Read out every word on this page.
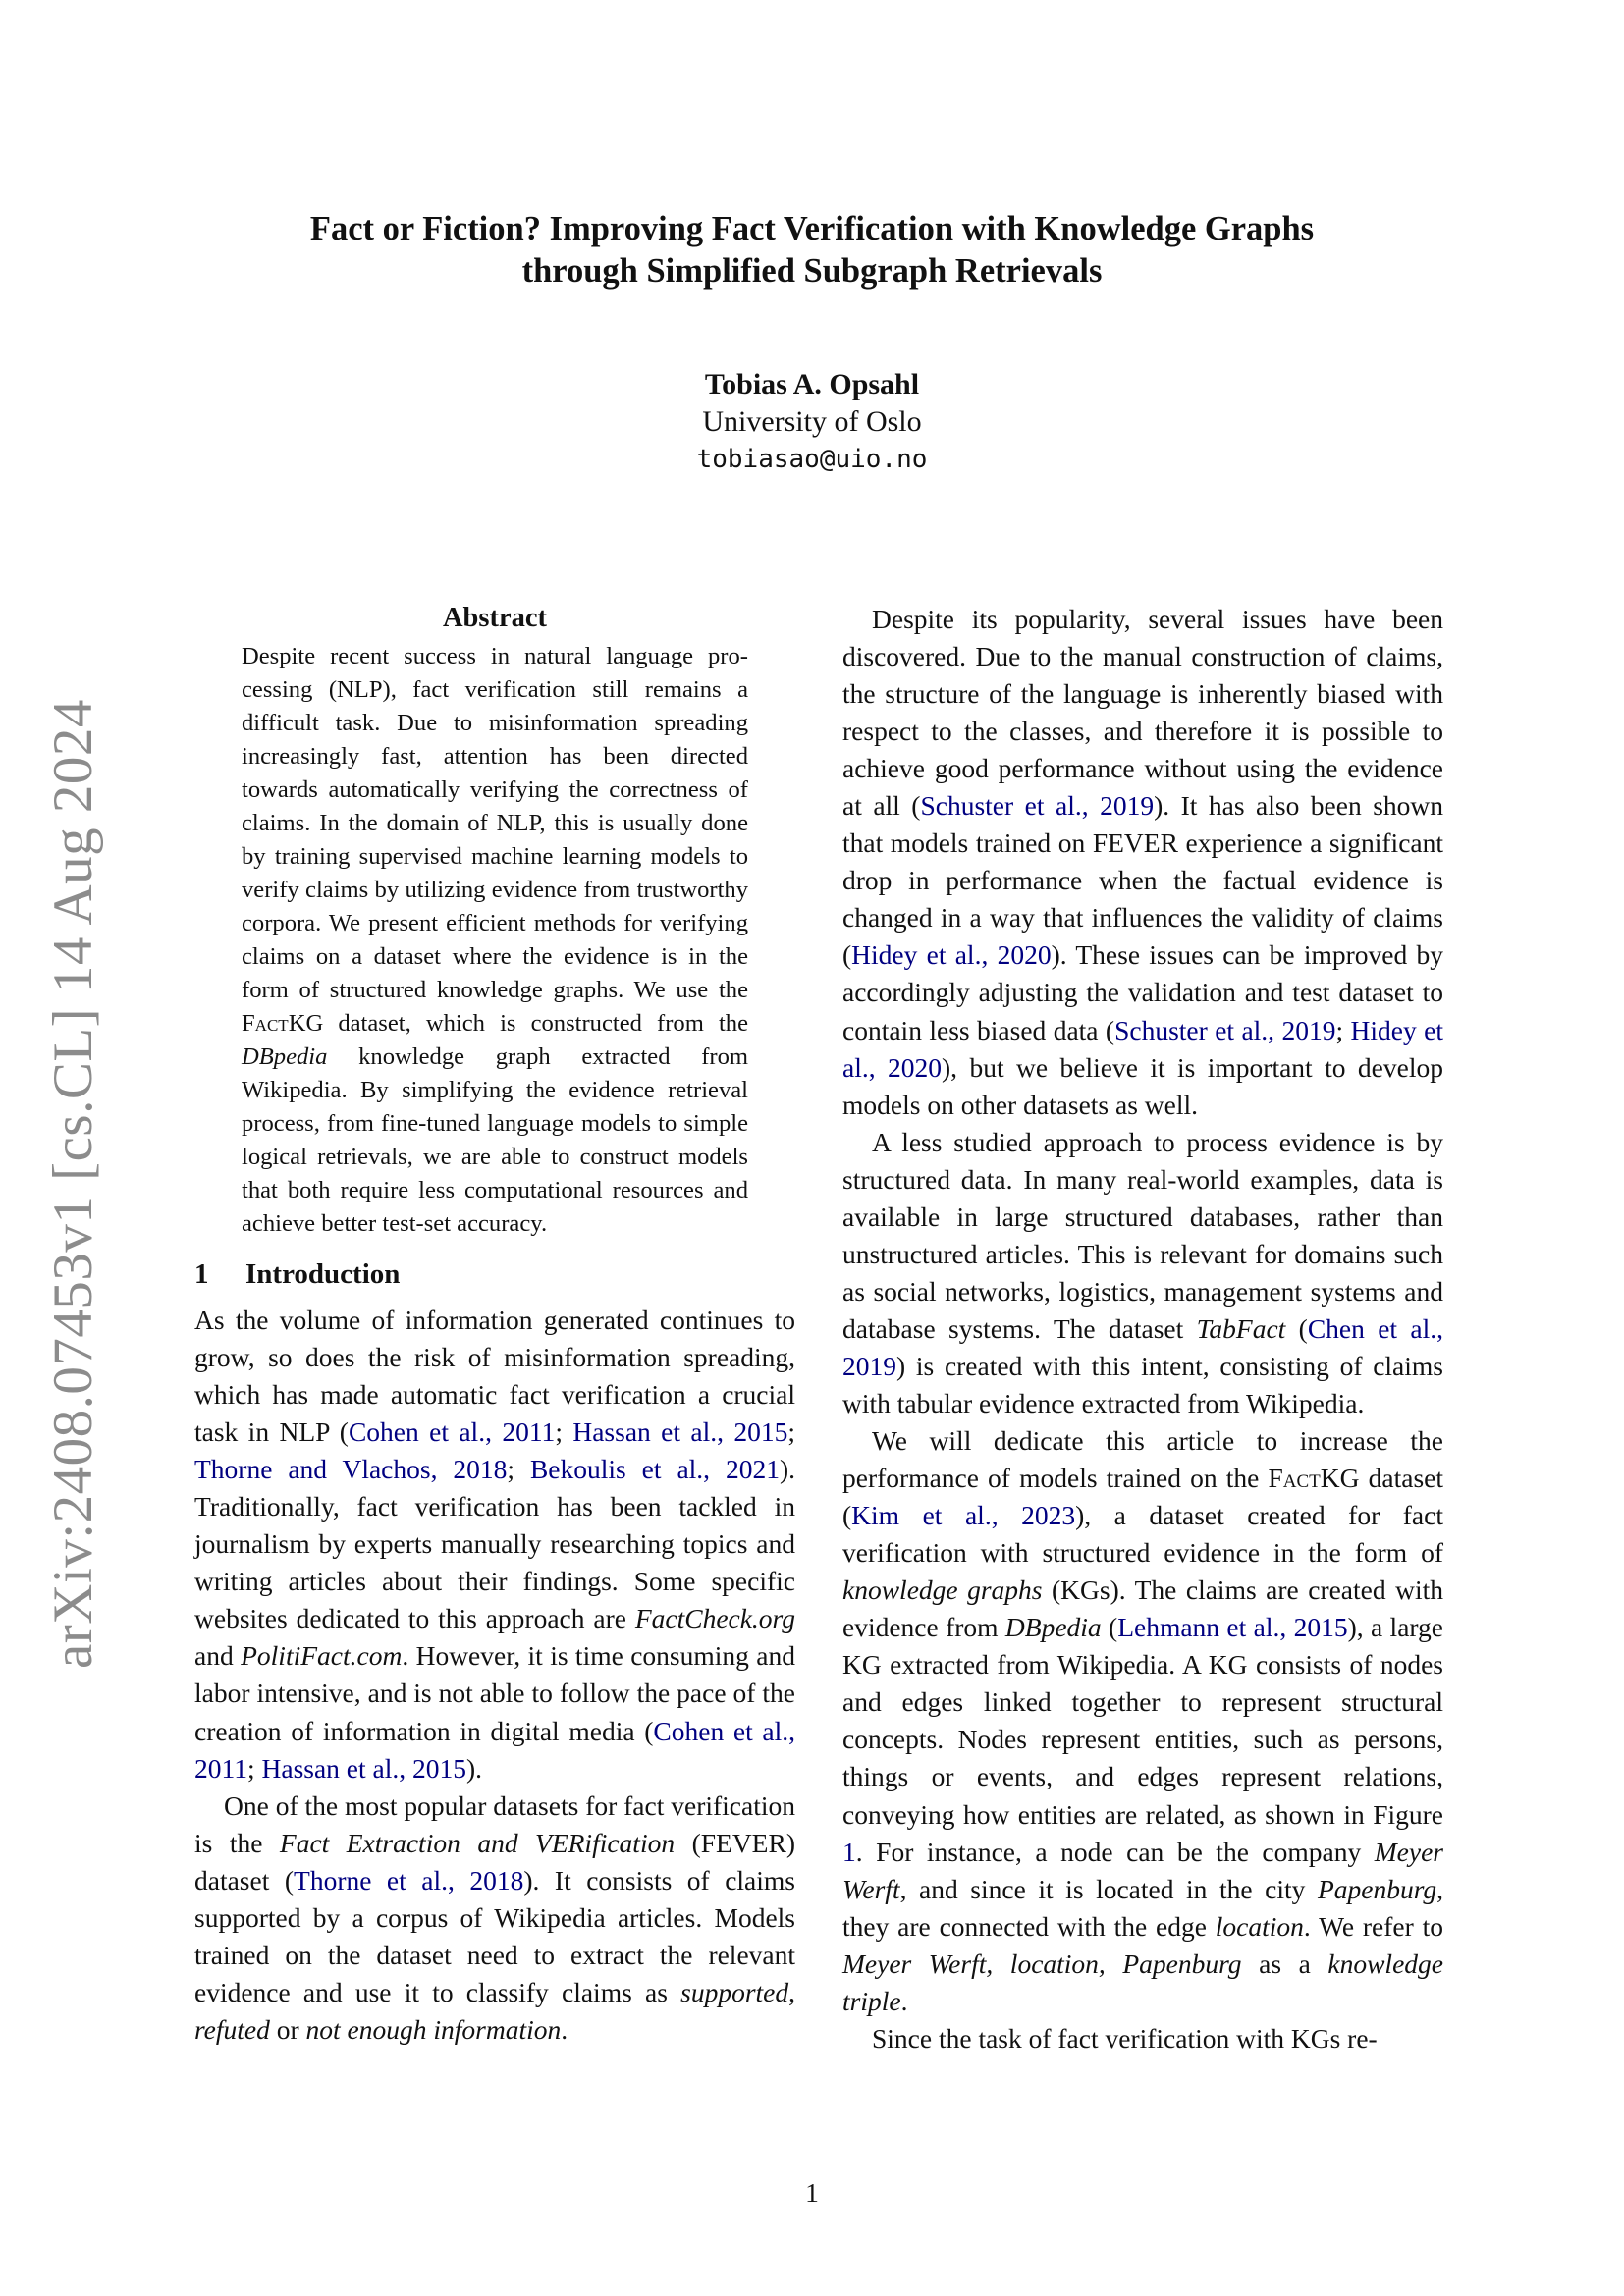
arXiv:2408.07453v1 [cs.CL] 14 Aug 2024
Fact or Fiction? Improving Fact Verification with Knowledge Graphs
through Simplified Subgraph Retrievals
Tobias A. Opsahl
University of Oslo
tobiasao@uio.no
Abstract

Despite recent success in natural language processing (NLP), fact verification still remains a difficult task. Due to misinformation spreading increasingly fast, attention has been directed towards automatically verifying the correctness of claims. In the domain of NLP, this is usually done by training supervised machine learning models to verify claims by utilizing evidence from trustworthy corpora. We present efficient methods for verifying claims on a dataset where the evidence is in the form of structured knowledge graphs. We use the FactKG dataset, which is constructed from the DBpedia knowledge graph extracted from Wikipedia. By simplifying the evidence retrieval process, from fine-tuned language models to simple logical retrievals, we are able to construct models that both require less computational resources and achieve better test-set accuracy.

1 Introduction

As the volume of information generated continues to grow, so does the risk of misinformation spreading, which has made automatic fact verification a crucial task in NLP (Cohen et al., 2011; Hassan et al., 2015; Thorne and Vlachos, 2018; Bekoulis et al., 2021). Traditionally, fact verification has been tackled in journalism by experts manually researching topics and writing articles about their findings. Some specific websites dedicated to this approach are FactCheck.org and PolitiFact.com. However, it is time consuming and labor intensive, and is not able to follow the pace of the creation of information in digital media (Cohen et al., 2011; Hassan et al., 2015).

One of the most popular datasets for fact verification is the Fact Extraction and VERification (FEVER) dataset (Thorne et al., 2018). It consists of claims supported by a corpus of Wikipedia articles. Models trained on the dataset need to extract the relevant evidence and use it to classify claims as supported, refuted or not enough information.

Despite its popularity, several issues have been discovered. Due to the manual construction of claims, the structure of the language is inherently biased with respect to the classes, and therefore it is possible to achieve good performance without using the evidence at all (Schuster et al., 2019). It has also been shown that models trained on FEVER experience a significant drop in performance when the factual evidence is changed in a way that influences the validity of claims (Hidey et al., 2020). These issues can be improved by accordingly adjusting the validation and test dataset to contain less biased data (Schuster et al., 2019; Hidey et al., 2020), but we believe it is important to develop models on other datasets as well.

A less studied approach to process evidence is by structured data. In many real-world examples, data is available in large structured databases, rather than unstructured articles. This is relevant for domains such as social networks, logistics, management systems and database systems. The dataset TabFact (Chen et al., 2019) is created with this intent, consisting of claims with tabular evidence extracted from Wikipedia.

We will dedicate this article to increase the performance of models trained on the FactKG dataset (Kim et al., 2023), a dataset created for fact verification with structured evidence in the form of knowledge graphs (KGs). The claims are created with evidence from DBpedia (Lehmann et al., 2015), a large KG extracted from Wikipedia. A KG consists of nodes and edges linked together to represent structural concepts. Nodes represent entities, such as persons, things or events, and edges represent relations, conveying how entities are related, as shown in Figure 1. For instance, a node can be the company Meyer Werft, and since it is located in the city Papenburg, they are connected with the edge location. We refer to Meyer Werft, location, Papenburg as a knowledge triple.

Since the task of fact verification with KGs re-

1
